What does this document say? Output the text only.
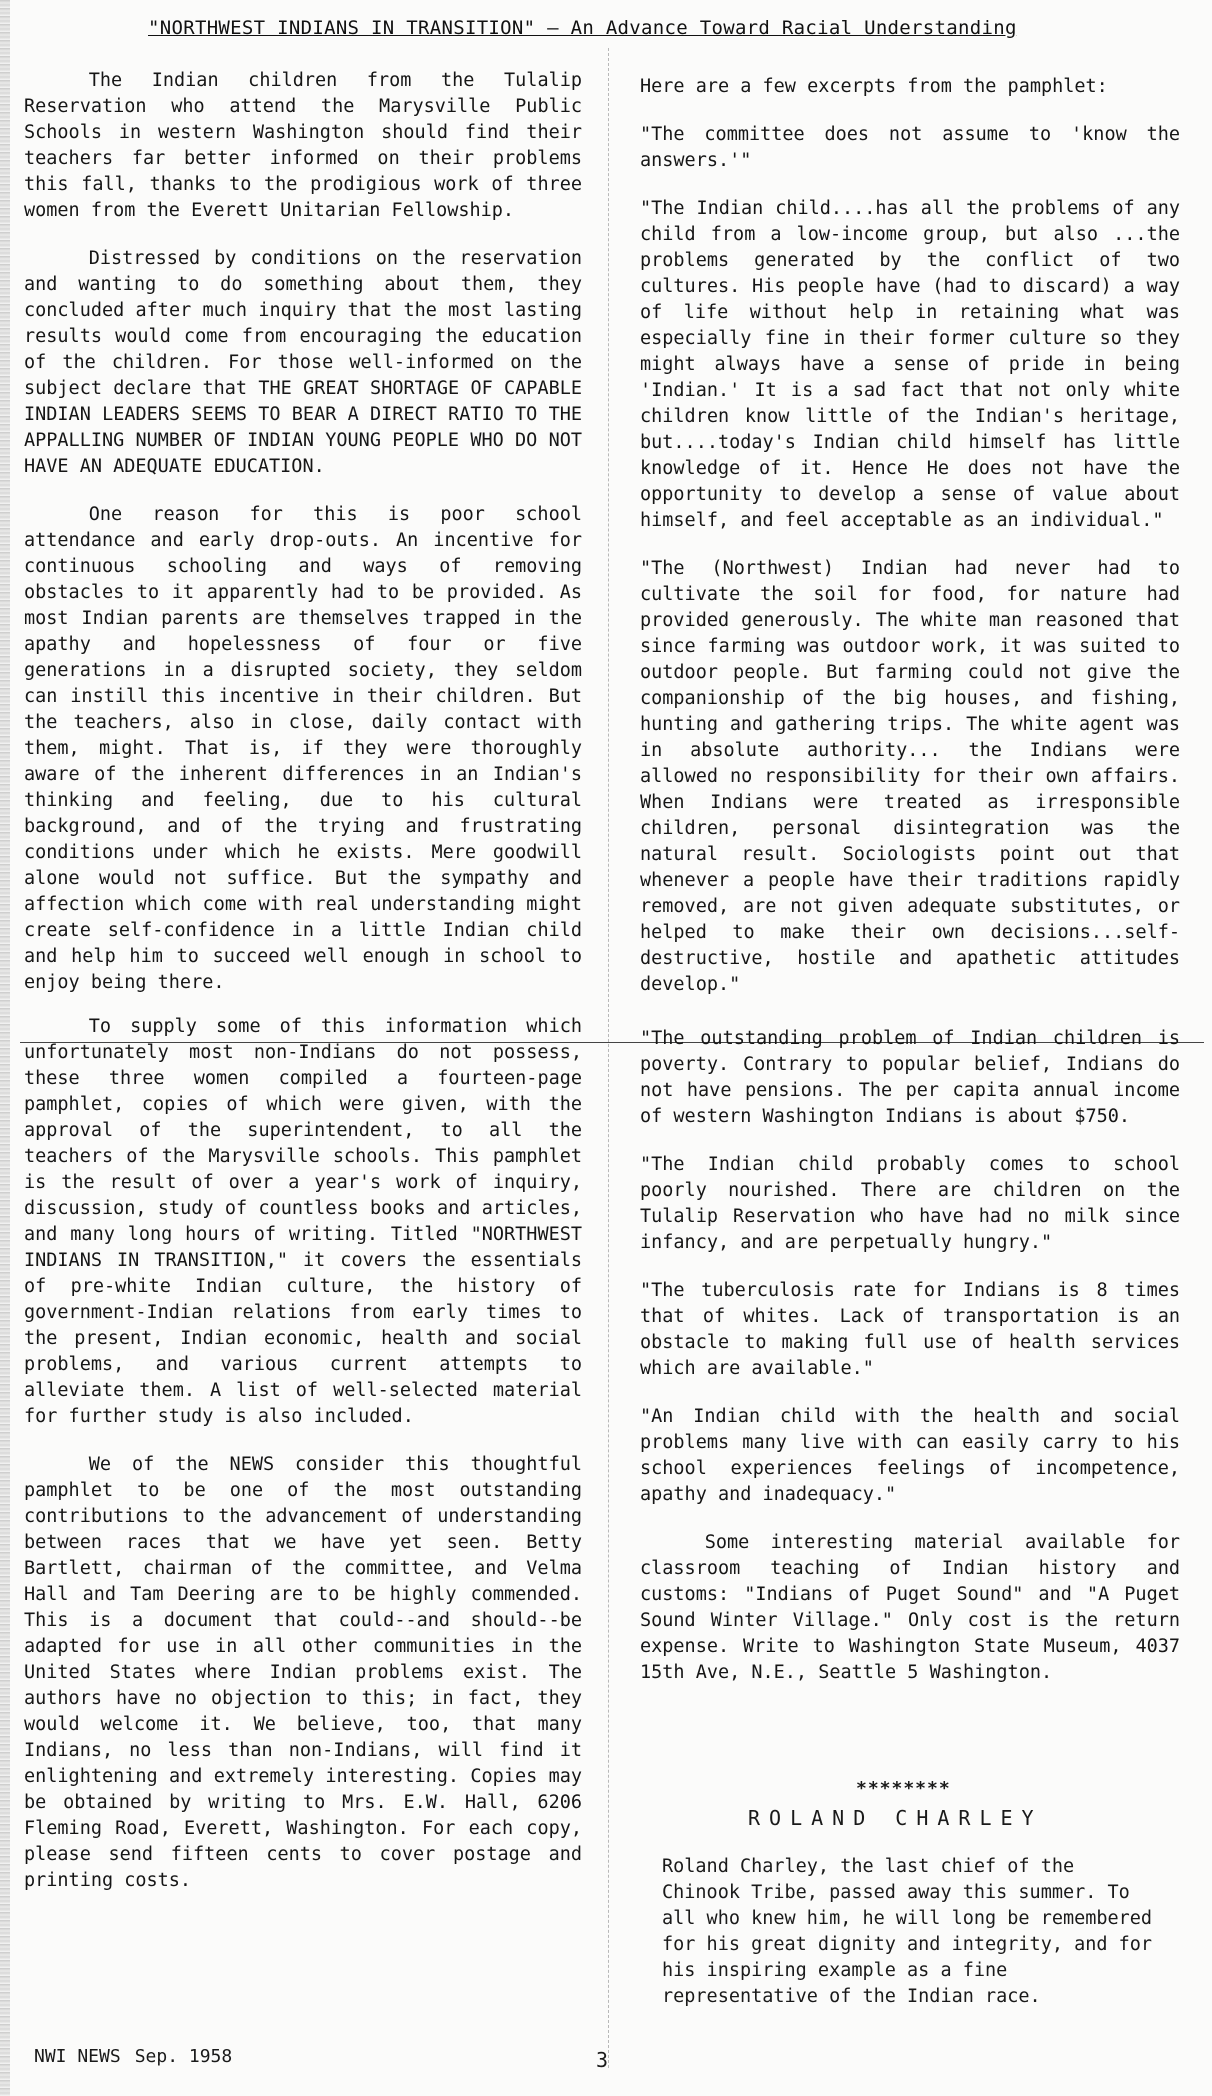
"NORTHWEST INDIANS IN TRANSITION" — An Advance Toward Racial Understanding

The Indian children from the Tulalip Reservation who attend the Marysville Public Schools in western Washington should find their teachers far better informed on their problems this fall, thanks to the prodigious work of three women from the Everett Unitarian Fellowship.

Distressed by conditions on the reservation and wanting to do something about them, they concluded after much inquiry that the most lasting results would come from encouraging the education of the children. For those well-informed on the subject declare that THE GREAT SHORTAGE OF CAPABLE INDIAN LEADERS SEEMS TO BEAR A DIRECT RATIO TO THE APPALLING NUMBER OF INDIAN YOUNG PEOPLE WHO DO NOT HAVE AN ADEQUATE EDUCATION.

One reason for this is poor school attendance and early drop-outs. An incentive for continuous schooling and ways of removing obstacles to it apparently had to be provided. As most Indian parents are themselves trapped in the apathy and hopelessness of four or five generations in a disrupted society, they seldom can instill this incentive in their children. But the teachers, also in close, daily contact with them, might. That is, if they were thoroughly aware of the inherent differences in an Indian's thinking and feeling, due to his cultural background, and of the trying and frustrating conditions under which he exists. Mere goodwill alone would not suffice. But the sympathy and affection which come with real understanding might create self-confidence in a little Indian child and help him to succeed well enough in school to enjoy being there.

To supply some of this information which unfortunately most non-Indians do not possess, these three women compiled a fourteen-page pamphlet, copies of which were given, with the approval of the superintendent, to all the teachers of the Marysville schools. This pamphlet is the result of over a year's work of inquiry, discussion, study of countless books and articles, and many long hours of writing. Titled "NORTHWEST INDIANS IN TRANSITION," it covers the essentials of pre-white Indian culture, the history of government-Indian relations from early times to the present, Indian economic, health and social problems, and various current attempts to alleviate them. A list of well-selected material for further study is also included.

We of the NEWS consider this thoughtful pamphlet to be one of the most outstanding contributions to the advancement of understanding between races that we have yet seen. Betty Bartlett, chairman of the committee, and Velma Hall and Tam Deering are to be highly commended. This is a document that could--and should--be adapted for use in all other communities in the United States where Indian problems exist. The authors have no objection to this; in fact, they would welcome it. We believe, too, that many Indians, no less than non-Indians, will find it enlightening and extremely interesting. Copies may be obtained by writing to Mrs. E.W. Hall, 6206 Fleming Road, Everett, Washington. For each copy, please send fifteen cents to cover postage and printing costs.

Here are a few excerpts from the pamphlet:

"The committee does not assume to 'know the answers.'"

"The Indian child....has all the problems of any child from a low-income group, but also ...the problems generated by the conflict of two cultures. His people have (had to discard) a way of life without help in retaining what was especially fine in their former culture so they might always have a sense of pride in being 'Indian.' It is a sad fact that not only white children know little of the Indian's heritage, but....today's Indian child himself has little knowledge of it. Hence He does not have the opportunity to develop a sense of value about himself, and feel acceptable as an individual."

"The (Northwest) Indian had never had to cultivate the soil for food, for nature had provided generously. The white man reasoned that since farming was outdoor work, it was suited to outdoor people. But farming could not give the companionship of the big houses, and fishing, hunting and gathering trips. The white agent was in absolute authority... the Indians were allowed no responsibility for their own affairs. When Indians were treated as irresponsible children, personal disintegration was the natural result. Sociologists point out that whenever a people have their traditions rapidly removed, are not given adequate substitutes, or helped to make their own decisions...self-destructive, hostile and apathetic attitudes develop."

"The outstanding problem of Indian children is poverty. Contrary to popular belief, Indians do not have pensions. The per capita annual income of western Washington Indians is about $750.

"The Indian child probably comes to school poorly nourished. There are children on the Tulalip Reservation who have had no milk since infancy, and are perpetually hungry."

"The tuberculosis rate for Indians is 8 times that of whites. Lack of transportation is an obstacle to making full use of health services which are available."

"An Indian child with the health and social problems many live with can easily carry to his school experiences feelings of incompetence, apathy and inadequacy."

Some interesting material available for classroom teaching of Indian history and customs: "Indians of Puget Sound" and "A Puget Sound Winter Village." Only cost is the return expense. Write to Washington State Museum, 4037 15th Ave, N.E., Seattle 5 Washington.

********
ROLAND CHARLEY

Roland Charley, the last chief of the Chinook Tribe, passed away this summer. To all who knew him, he will long be remembered for his great dignity and integrity, and for his inspiring example as a fine representative of the Indian race.

NWI NEWS Sep. 1958	3
